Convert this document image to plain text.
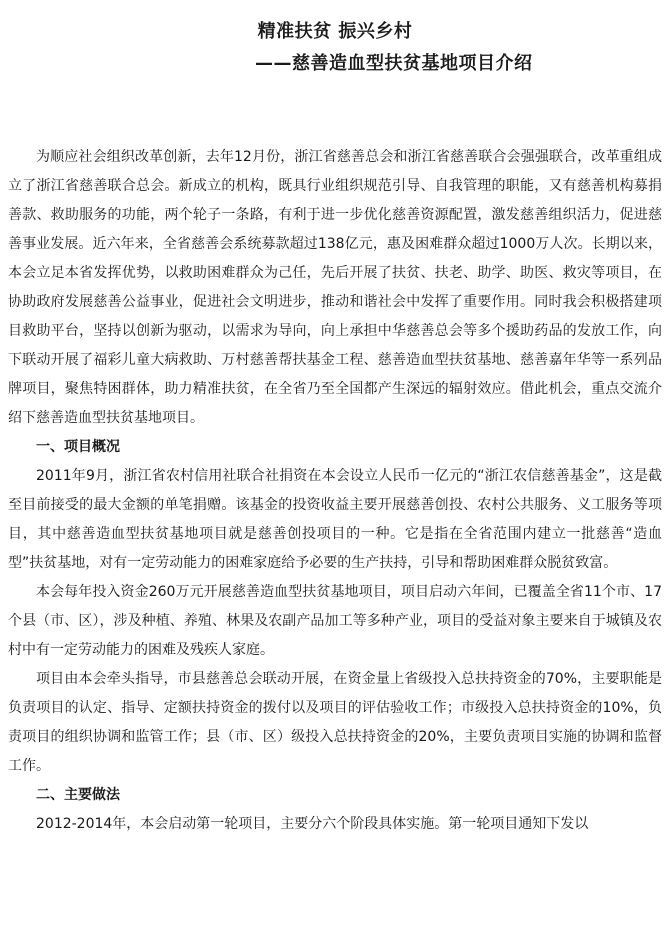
精准扶贫 振兴乡村
——慈善造血型扶贫基地项目介绍

为顺应社会组织改革创新，去年12月份，浙江省慈善总会和浙江省慈善联合会强强联合，改革重组成立了浙江省慈善联合总会。新成立的机构，既具行业组织规范引导、自我管理的职能，又有慈善机构募捐善款、救助服务的功能，两个轮子一条路，有利于进一步优化慈善资源配置，激发慈善组织活力，促进慈善事业发展。近六年来，全省慈善会系统募款超过138亿元，惠及困难群众超过1000万人次。长期以来，本会立足本省发挥优势，以救助困难群众为己任，先后开展了扶贫、扶老、助学、助医、救灾等项目，在协助政府发展慈善公益事业，促进社会文明进步，推动和谐社会中发挥了重要作用。同时我会积极搭建项目救助平台，坚持以创新为驱动，以需求为导向，向上承担中华慈善总会等多个援助药品的发放工作，向下联动开展了福彩儿童大病救助、万村慈善帮扶基金工程、慈善造血型扶贫基地、慈善嘉年华等一系列品牌项目，聚焦特困群体，助力精准扶贫，在全省乃至全国都产生深远的辐射效应。借此机会，重点交流介绍下慈善造血型扶贫基地项目。

一、项目概况

2011年9月，浙江省农村信用社联合社捐资在本会设立人民币一亿元的“浙江农信慈善基金”，这是截至目前接受的最大金额的单笔捐赠。该基金的投资收益主要开展慈善创投、农村公共服务、义工服务等项目，其中慈善造血型扶贫基地项目就是慈善创投项目的一种。它是指在全省范围内建立一批慈善“造血型”扶贫基地，对有一定劳动能力的困难家庭给予必要的生产扶持，引导和帮助困难群众脱贫致富。

本会每年投入资金260万元开展慈善造血型扶贫基地项目，项目启动六年间，已覆盖全省11个市、17个县（市、区），涉及种植、养殖、林果及农副产品加工等多种产业，项目的受益对象主要来自于城镇及农村中有一定劳动能力的困难及残疾人家庭。

项目由本会牵头指导，市县慈善总会联动开展，在资金量上省级投入总扶持资金的70%，主要职能是负责项目的认定、指导、定额扶持资金的拨付以及项目的评估验收工作；市级投入总扶持资金的10%，负责项目的组织协调和监管工作；县（市、区）级投入总扶持资金的20%，主要负责项目实施的协调和监督工作。

二、主要做法

2012-2014年，本会启动第一轮项目，主要分六个阶段具体实施。第一轮项目通知下发以
